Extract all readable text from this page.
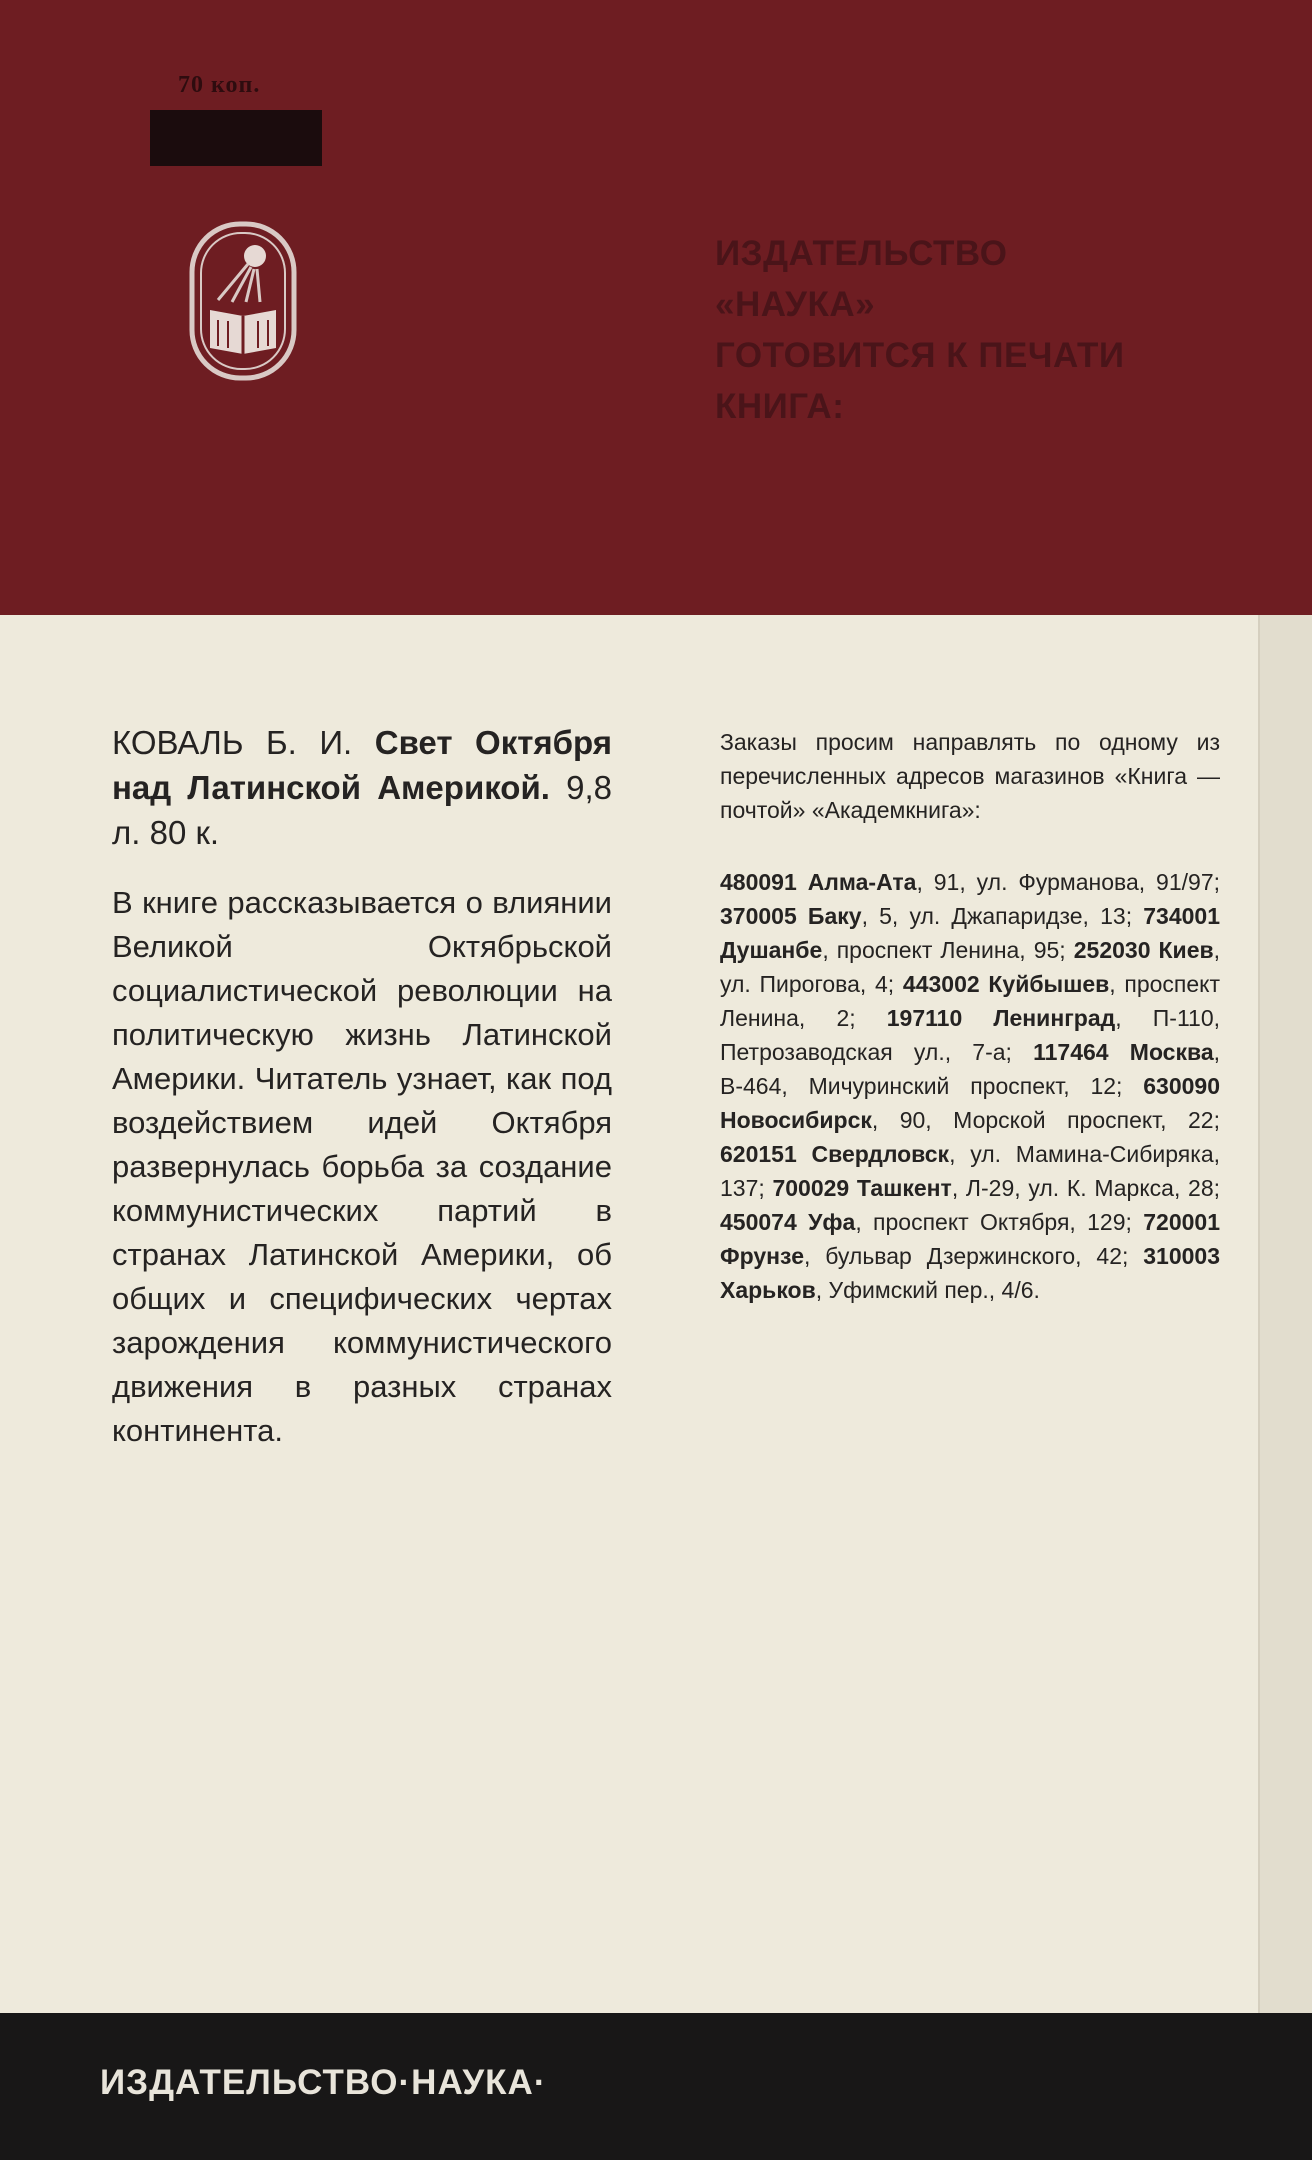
70 коп.
ИЗДАТЕЛЬСТВО
«НАУКА»
ГОТОВИТСЯ К ПЕЧАТИ
КНИГА:
КОВАЛЬ Б. И. Свет Октября над Латинской Америкой. 9,8 л. 80 к.
В книге рассказывается о влиянии Великой Октябрьской социалистической революции на политическую жизнь Латинской Америки. Читатель узнает, как под воздействием идей Октября развернулась борьба за создание коммунистических партий в странах Латинской Америки, об общих и специфических чертах зарождения коммунистического движения в разных странах континента.
Заказы просим направлять по одному из перечисленных адресов магазинов «Книга — почтой» «Академкнига»:
480091 Алма-Ата, 91, ул. Фурманова, 91/97; 370005 Баку, 5, ул. Джапаридзе, 13; 734001 Душанбе, проспект Ленина, 95; 252030 Киев, ул. Пирогова, 4; 443002 Куйбышев, проспект Ленина, 2; 197110 Ленинград, П-110, Петрозаводская ул., 7-а; 117464 Москва, В-464, Мичуринский проспект, 12; 630090 Новосибирск, 90, Морской проспект, 22; 620151 Свердловск, ул. Мамина-Сибиряка, 137; 700029 Ташкент, Л-29, ул. К. Маркса, 28; 450074 Уфа, проспект Октября, 129; 720001 Фрунзе, бульвар Дзержинского, 42; 310003 Харьков, Уфимский пер., 4/6.
ИЗДАТЕЛЬСТВО·НАУКА·
